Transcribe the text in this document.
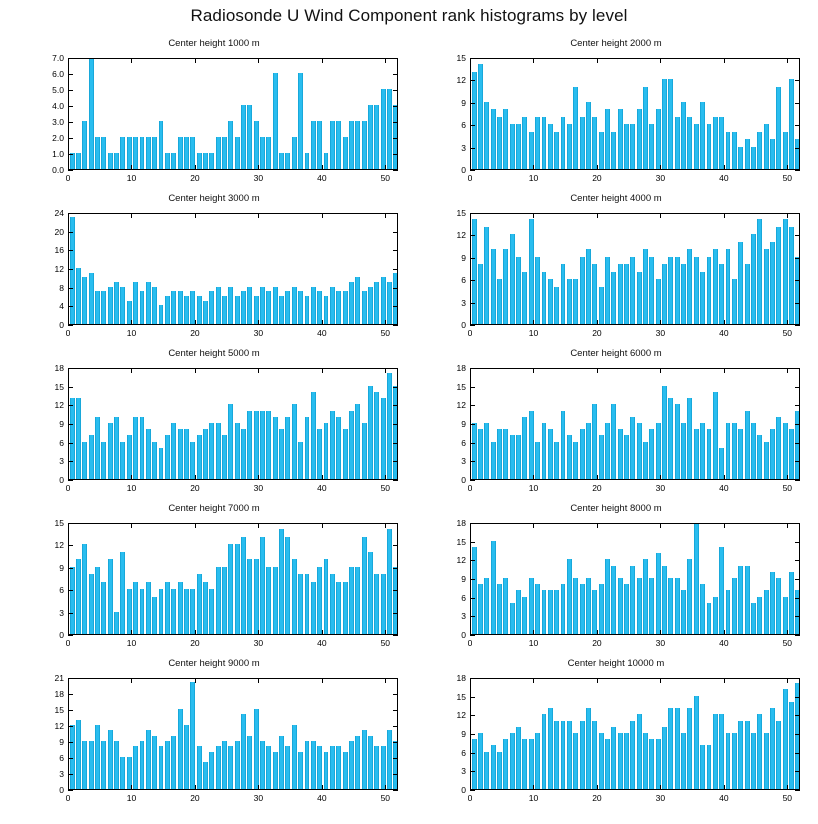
Radiosonde U Wind Component rank histograms by level
Center height 1000 m
0.0
1.0
2.0
3.0
4.0
5.0
6.0
7.0
0	10	20	30	40	50
Center height 2000 m
0
3
6
9
12
15
0	10	20	30	40	50
Center height 3000 m
0
4
8
12
16
20
24
0	10	20	30	40	50
Center height 4000 m
0
3
6
9
12
15
0	10	20	30	40	50
Center height 5000 m
0
3
6
9
12
15
18
0	10	20	30	40	50
Center height 6000 m
0
3
6
9
12
15
18
0	10	20	30	40	50
Center height 7000 m
0
3
6
9
12
15
0	10	20	30	40	50
Center height 8000 m
0
3
6
9
12
15
18
0	10	20	30	40	50
Center height 9000 m
0
3
6
9
12
15
18
21
0	10	20	30	40	50
Center height 10000 m
0
3
6
9
12
15
18
0	10	20	30	40	50
